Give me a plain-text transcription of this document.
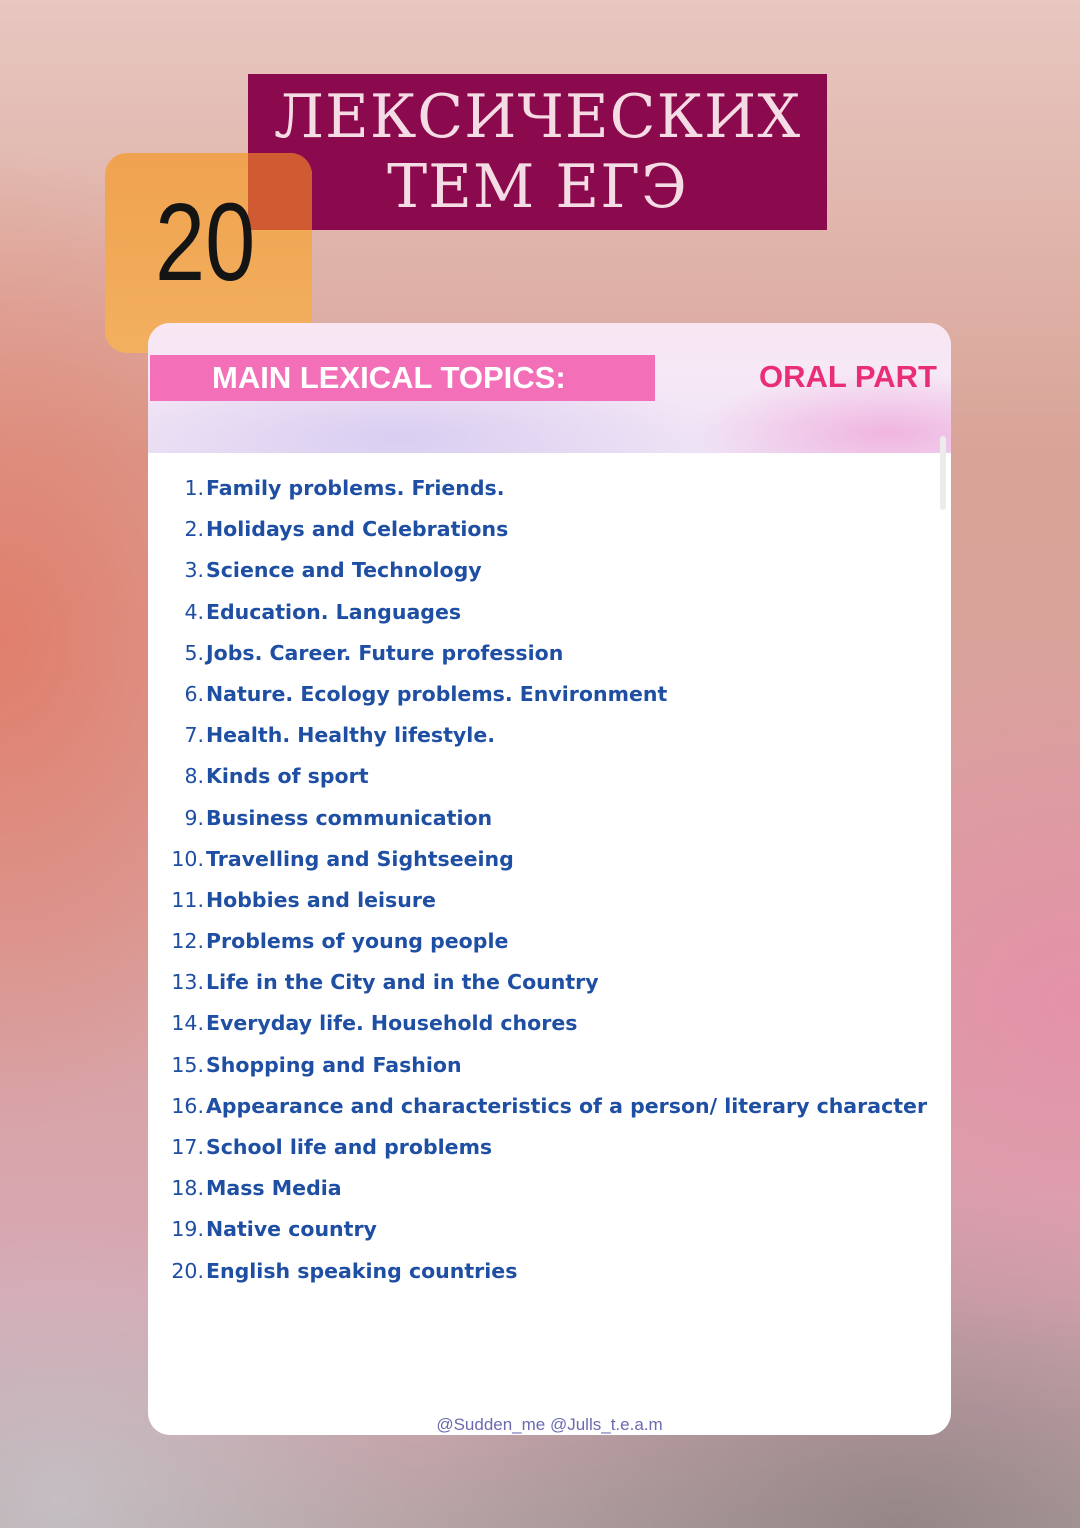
ЛЕКСИЧЕСКИХ
ТЕМ ЕГЭ
20
MAIN LEXICAL TOPICS:	ORAL PART
1. Family problems. Friends.
2. Holidays and Celebrations
3. Science and Technology
4. Education. Languages
5. Jobs. Career. Future profession
6. Nature. Ecology problems. Environment
7. Health. Healthy lifestyle.
8. Kinds of sport
9. Business communication
10. Travelling and Sightseeing
11. Hobbies and leisure
12. Problems of young people
13. Life in the City and in the Country
14. Everyday life. Household chores
15. Shopping and Fashion
16. Appearance and characteristics of a person/ literary character
17. School life and problems
18. Mass Media
19. Native country
20. English speaking countries
@Sudden_me @Julls_t.e.a.m
